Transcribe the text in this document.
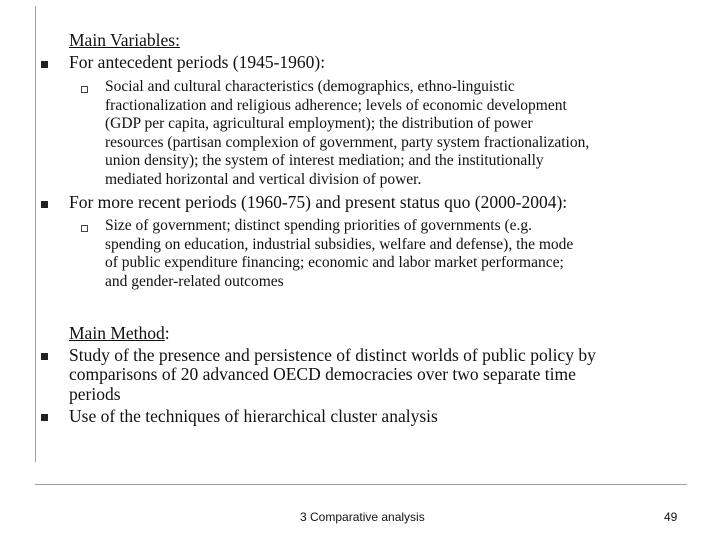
Main Variables:
For antecedent periods (1945-1960):
Social and cultural characteristics (demographics, ethno-linguistic
fractionalization and religious adherence; levels of economic development
(GDP per capita, agricultural employment); the distribution of power
resources (partisan complexion of government, party system fractionalization,
union density); the system of interest mediation; and the institutionally
mediated horizontal and vertical division of power.
For more recent periods (1960-75) and present status quo (2000-2004):
Size of government; distinct spending priorities of governments (e.g.
spending on education, industrial subsidies, welfare and defense), the mode
of public expenditure financing; economic and labor market performance;
and gender-related outcomes
Main Method:
Study of the presence and persistence of distinct worlds of public policy by
comparisons of 20 advanced OECD democracies over two separate time
periods
Use of the techniques of hierarchical cluster analysis
3 Comparative analysis	49
